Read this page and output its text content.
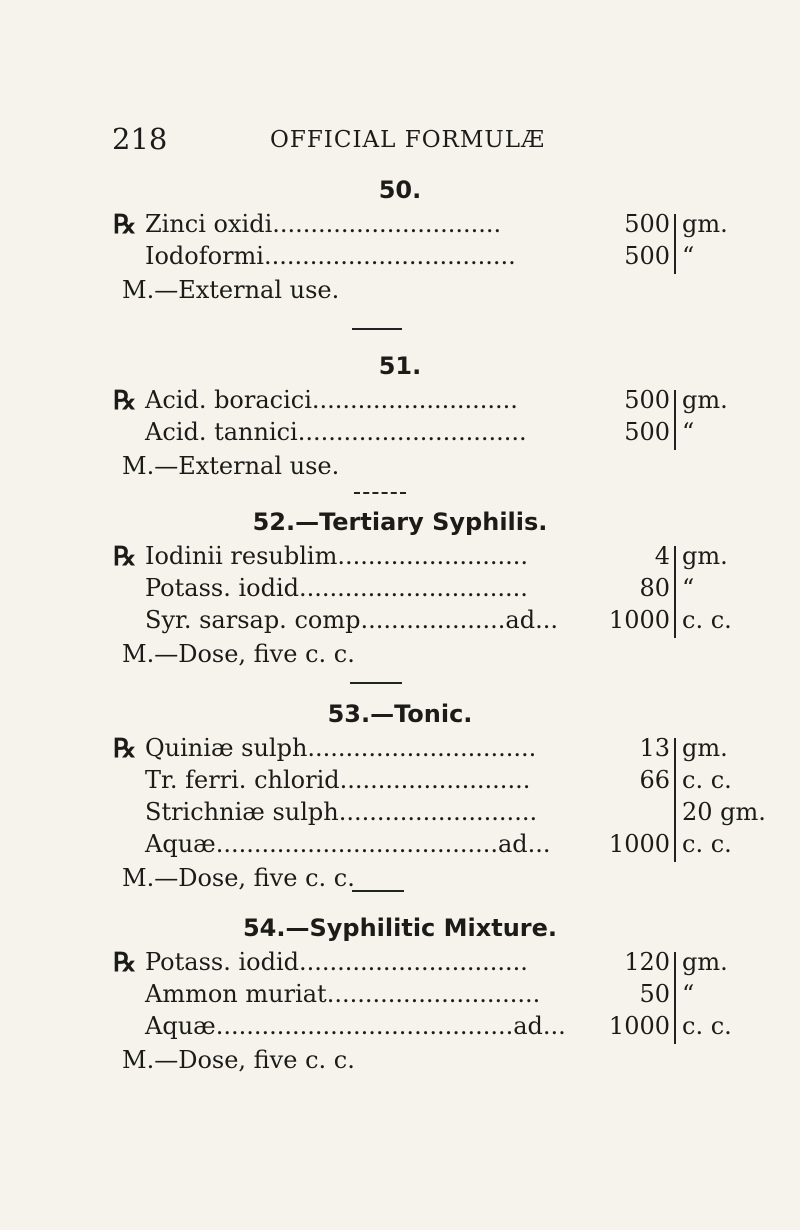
218	OFFICIAL FORMULÆ
50.
℞ Zinci oxidi..............................	500 gm.
Iodoformi.................................	500 “
M.—External use.
51.
℞ Acid. boracici...........................	500 gm.
Acid. tannici..............................	500 “
M.—External use.
52.—Tertiary Syphilis.
℞ Iodinii resublim.........................	4 gm.
Potass. iodid..............................	80 “
Syr. sarsap. comp...................ad... 1000 c. c.
M.—Dose, five c. c.
53.—Tonic.
℞ Quiniæ sulph..............................	13 gm.
Tr. ferri. chlorid.........................	66 c. c.
Strichniæ sulph..........................	20 gm.
Aquæ.....................................ad... 1000 c. c.
M.—Dose, five c. c.
54.—Syphilitic Mixture.
℞ Potass. iodid..............................	120 gm.
Ammon muriat............................	50 “
Aquæ.......................................ad... 1000 c. c.
M.—Dose, five c. c.
